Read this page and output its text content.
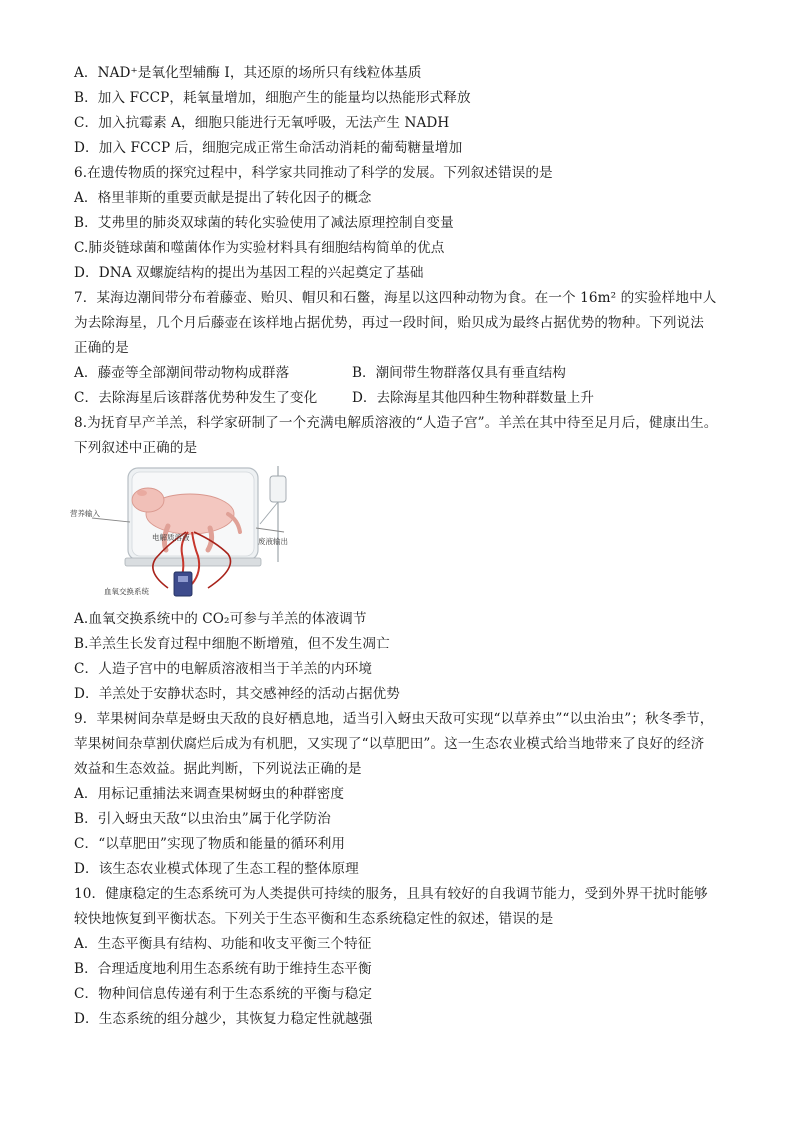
A．NAD⁺是氧化型辅酶 I，其还原的场所只有线粒体基质
B．加入 FCCP，耗氧量增加，细胞产生的能量均以热能形式释放
C．加入抗霉素 A，细胞只能进行无氧呼吸，无法产生 NADH
D．加入 FCCP 后，细胞完成正常生命活动消耗的葡萄糖量增加
6.在遗传物质的探究过程中，科学家共同推动了科学的发展。下列叙述错误的是
A．格里菲斯的重要贡献是提出了转化因子的概念
B．艾弗里的肺炎双球菌的转化实验使用了减法原理控制自变量
C.肺炎链球菌和噬菌体作为实验材料具有细胞结构简单的优点
D．DNA 双螺旋结构的提出为基因工程的兴起奠定了基础
7．某海边潮间带分布着藤壶、贻贝、帽贝和石鳖，海星以这四种动物为食。在一个 16m² 的实验样地中人
为去除海星，几个月后藤壶在该样地占据优势，再过一段时间，贻贝成为最终占据优势的物种。下列说法
正确的是
A．藤壶等全部潮间带动物构成群落	B．潮间带生物群落仅具有垂直结构
C．去除海星后该群落优势种发生了变化	D．去除海星其他四种生物种群数量上升
8.为抚育早产羊羔，科学家研制了一个充满电解质溶液的“人造子宫”。羊羔在其中待至足月后，健康出生。
下列叙述中正确的是
营养输入
电解质溶液	废液输出
血氧交换系统
A.血氧交换系统中的 CO₂可参与羊羔的体液调节
B.羊羔生长发育过程中细胞不断增殖，但不发生凋亡
C．人造子宫中的电解质溶液相当于羊羔的内环境
D．羊羔处于安静状态时，其交感神经的活动占据优势
9．苹果树间杂草是蚜虫天敌的良好栖息地，适当引入蚜虫天敌可实现“以草养虫”“以虫治虫”；秋冬季节，
苹果树间杂草割伏腐烂后成为有机肥，又实现了“以草肥田”。这一生态农业模式给当地带来了良好的经济
效益和生态效益。据此判断，下列说法正确的是
A．用标记重捕法来调查果树蚜虫的种群密度
B．引入蚜虫天敌“以虫治虫”属于化学防治
C．“以草肥田”实现了物质和能量的循环利用
D．该生态农业模式体现了生态工程的整体原理
10．健康稳定的生态系统可为人类提供可持续的服务，且具有较好的自我调节能力，受到外界干扰时能够
较快地恢复到平衡状态。下列关于生态平衡和生态系统稳定性的叙述，错误的是
A．生态平衡具有结构、功能和收支平衡三个特征
B．合理适度地利用生态系统有助于维持生态平衡
C．物种间信息传递有利于生态系统的平衡与稳定
D．生态系统的组分越少，其恢复力稳定性就越强
